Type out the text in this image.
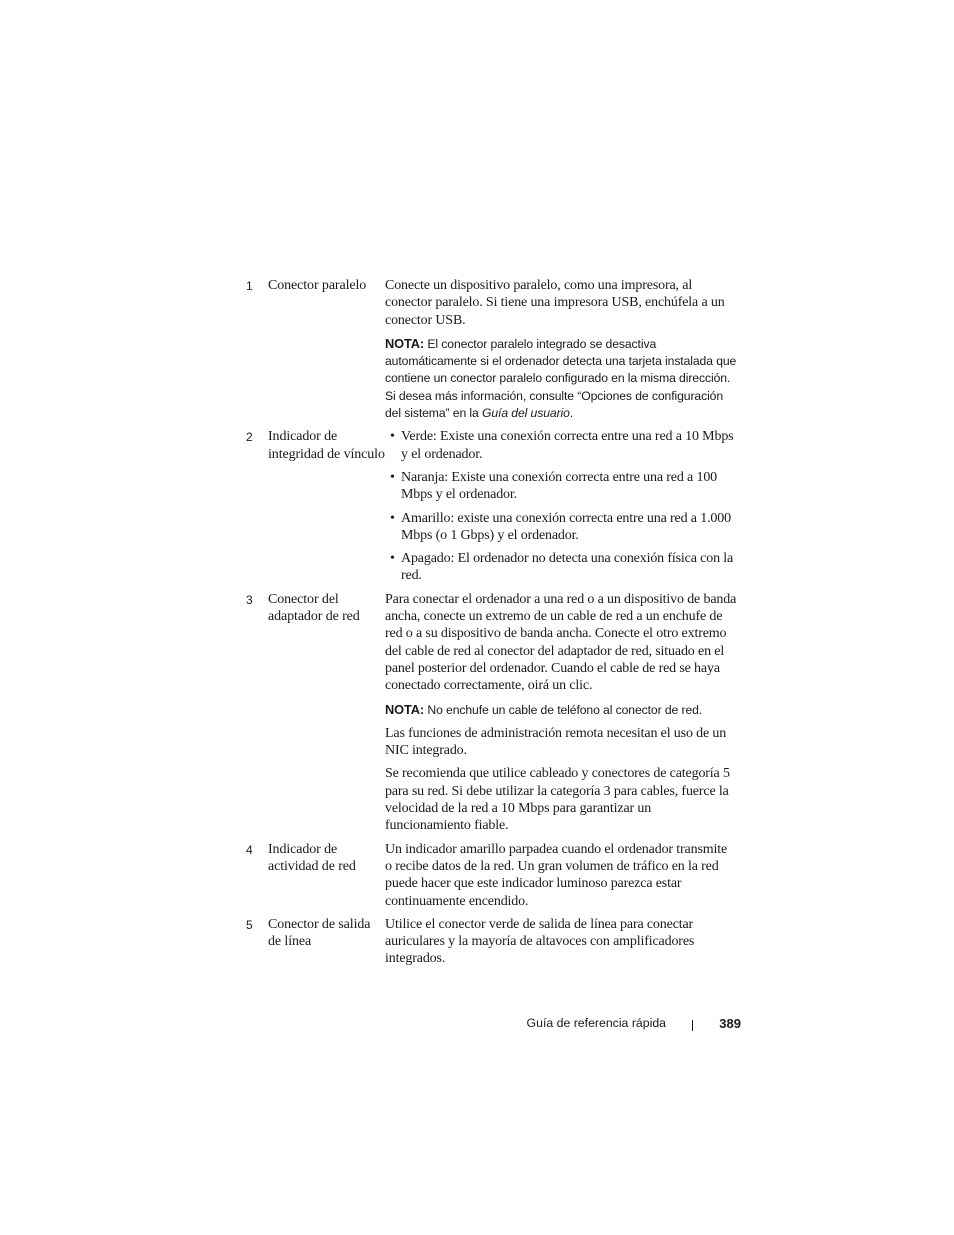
1	Conector paralelo	Conecte un dispositivo paralelo, como una impresora, al conector paralelo. Si tiene una impresora USB, enchúfela a un conector USB.

NOTA: El conector paralelo integrado se desactiva automáticamente si el ordenador detecta una tarjeta instalada que contiene un conector paralelo configurado en la misma dirección. Si desea más información, consulte “Opciones de configuración del sistema” en la Guía del usuario.

2	Indicador de integridad de vínculo
• Verde: Existe una conexión correcta entre una red a 10 Mbps y el ordenador.
• Naranja: Existe una conexión correcta entre una red a 100 Mbps y el ordenador.
• Amarillo: existe una conexión correcta entre una red a 1.000 Mbps (o 1 Gbps) y el ordenador.
• Apagado: El ordenador no detecta una conexión física con la red.
3	Conector del adaptador de red

Para conectar el ordenador a una red o a un dispositivo de banda ancha, conecte un extremo de un cable de red a un enchufe de red o a su dispositivo de banda ancha. Conecte el otro extremo del cable de red al conector del adaptador de red, situado en el panel posterior del ordenador. Cuando el cable de red se haya conectado correctamente, oirá un clic.

NOTA: No enchufe un cable de teléfono al conector de red.

Las funciones de administración remota necesitan el uso de un NIC integrado.

Se recomienda que utilice cableado y conectores de categoría 5 para su red. Si debe utilizar la categoría 3 para cables, fuerce la velocidad de la red a 10 Mbps para garantizar un funcionamiento fiable.

4	Indicador de actividad de red

Un indicador amarillo parpadea cuando el ordenador transmite o recibe datos de la red. Un gran volumen de tráfico en la red puede hacer que este indicador luminoso parezca estar continuamente encendido.

5	Conector de salida de línea

Utilice el conector verde de salida de línea para conectar auriculares y la mayoría de altavoces con amplificadores integrados.

Guía de referencia rápida	389
